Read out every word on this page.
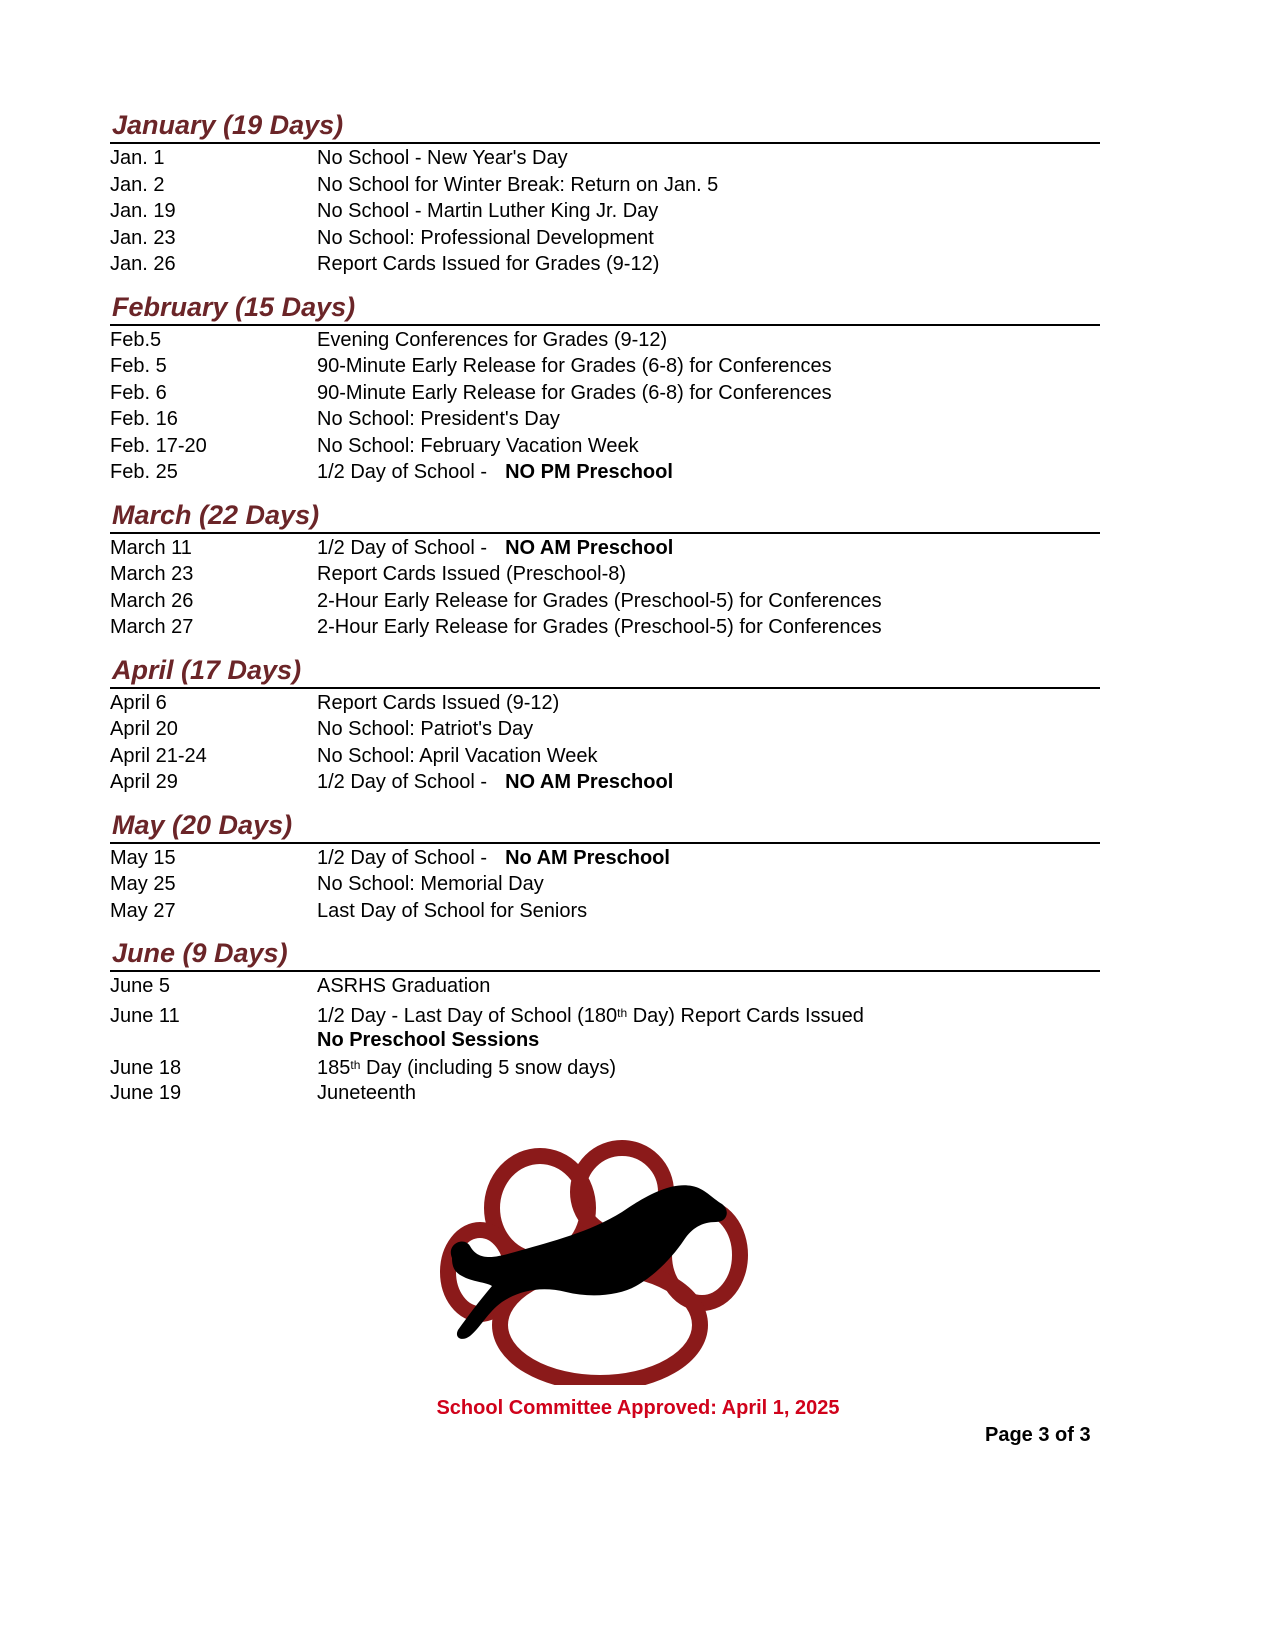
January (19 Days)
Jan. 1	No School - New Year's Day
Jan. 2	No School for Winter Break: Return on Jan. 5
Jan. 19	No School - Martin Luther King Jr. Day
Jan. 23	No School: Professional Development
Jan. 26	Report Cards Issued for Grades (9-12)
February (15 Days)
Feb.5	Evening Conferences for Grades (9-12)
Feb. 5	90-Minute Early Release for Grades (6-8) for Conferences
Feb. 6	90-Minute Early Release for Grades (6-8) for Conferences
Feb. 16	No School: President's Day
Feb. 17-20	No School: February Vacation Week
Feb. 25	1/2 Day of School - NO PM Preschool
March (22 Days)
March 11	1/2 Day of School - NO AM Preschool
March 23	Report Cards Issued (Preschool-8)
March 26	2-Hour Early Release for Grades (Preschool-5) for Conferences
March 27	2-Hour Early Release for Grades (Preschool-5) for Conferences
April (17 Days)
April 6	Report Cards Issued (9-12)
April 20	No School: Patriot's Day
April 21-24	No School: April Vacation Week
April 29	1/2 Day of School - NO AM Preschool
May (20 Days)
May 15	1/2 Day of School - No AM Preschool
May 25	No School: Memorial Day
May 27	Last Day of School for Seniors
June (9 Days)
June 5	ASRHS Graduation
June 11	1/2 Day - Last Day of School (180th Day) Report Cards Issued
No Preschool Sessions
June 18	185th Day (including 5 snow days)
June 19	Juneteenth
School Committee Approved: April 1, 2025
Page 3 of 3
